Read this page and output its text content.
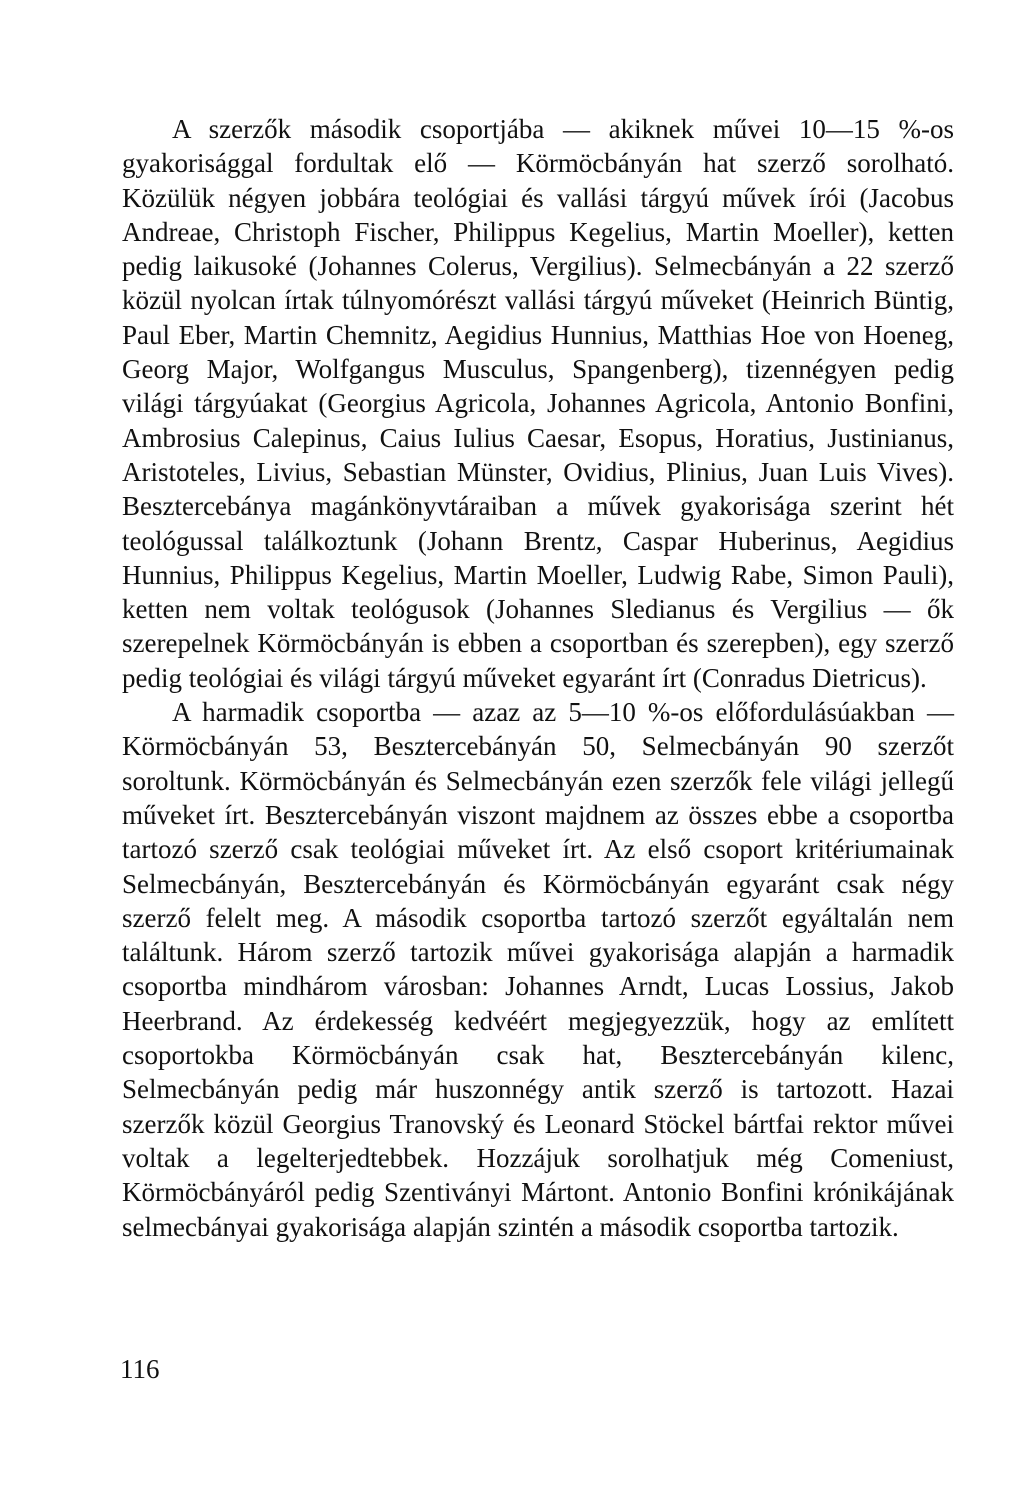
A szerzők második csoportjába — akiknek művei 10—15 %-os gyakorisággal fordultak elő — Körmöcbányán hat szerző sorolható. Közülük négyen jobbára teológiai és vallási tárgyú művek írói (Jacobus Andreae, Christoph Fischer, Philippus Kegelius, Martin Moeller), ketten pedig laikusoké (Johannes Colerus, Vergilius). Selmecbányán a 22 szerző közül nyolcan írtak túlnyomórészt vallási tárgyú műveket (Heinrich Büntig, Paul Eber, Martin Chemnitz, Aegidius Hunnius, Matthias Hoe von Hoeneg, Georg Major, Wolfgangus Musculus, Spangenberg), tizennégyen pedig világi tárgyúakat (Georgius Agricola, Johannes Agricola, Antonio Bonfini, Ambrosius Calepinus, Caius Iulius Caesar, Esopus, Horatius, Justinianus, Aristoteles, Livius, Sebastian Münster, Ovidius, Plinius, Juan Luis Vives). Besztercebánya magánkönyvtáraiban a művek gyakorisága szerint hét teológussal találkoztunk (Johann Brentz, Caspar Huberinus, Aegidius Hunnius, Philippus Kegelius, Martin Moeller, Ludwig Rabe, Simon Pauli), ketten nem voltak teológusok (Johannes Sledianus és Vergilius — ők szerepelnek Körmöcbányán is ebben a csoportban és szerepben), egy szerző pedig teológiai és világi tárgyú műveket egyaránt írt (Conradus Dietricus).

A harmadik csoportba — azaz az 5—10 %-os előfordulásúakban — Körmöcbányán 53, Besztercebányán 50, Selmecbányán 90 szerzőt soroltunk. Körmöcbányán és Selmecbányán ezen szerzők fele világi jellegű műveket írt. Besztercebányán viszont majdnem az összes ebbe a csoportba tartozó szerző csak teológiai műveket írt. Az első csoport kritériumainak Selmecbányán, Besztercebányán és Körmöcbányán egyaránt csak négy szerző felelt meg. A második csoportba tartozó szerzőt egyáltalán nem találtunk. Három szerző tartozik művei gyakorisága alapján a harmadik csoportba mindhárom városban: Johannes Arndt, Lucas Lossius, Jakob Heerbrand. Az érdekesség kedvéért megjegyezzük, hogy az említett csoportokba Körmöcbányán csak hat, Besztercebányán kilenc, Selmecbányán pedig már huszonnégy antik szerző is tartozott. Hazai szerzők közül Georgius Tranovský és Leonard Stöckel bártfai rektor művei voltak a legelterjedtebbek. Hozzájuk sorolhatjuk még Comeniust, Körmöcbányáról pedig Szentiványi Mártont. Antonio Bonfini krónikájának selmecbányai gyakorisága alapján szintén a második csoportba tartozik.

116
